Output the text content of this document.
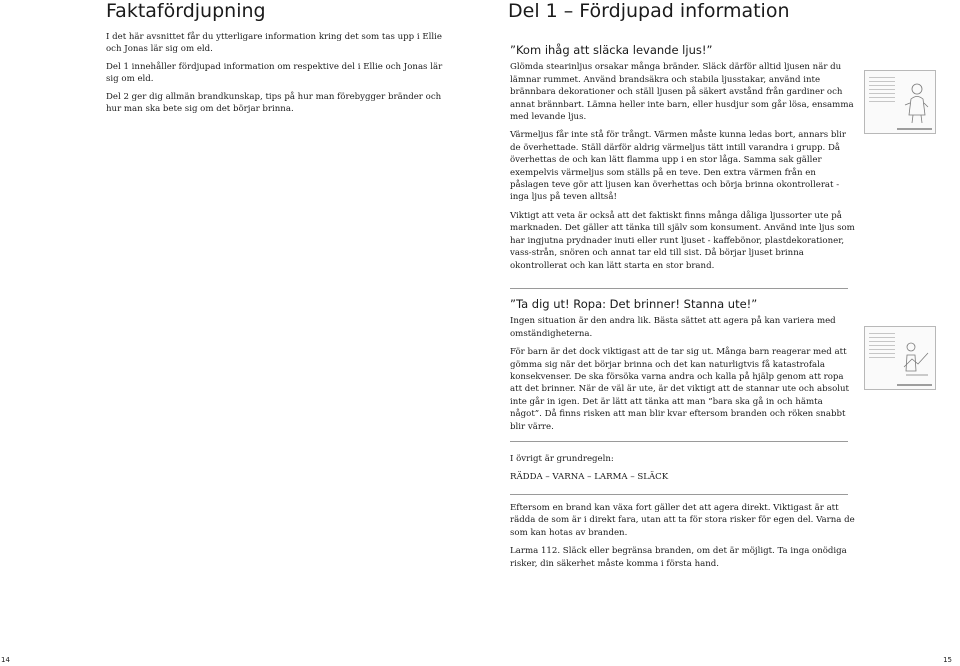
Faktafördjupning

I det här avsnittet får du ytterligare information kring det som tas upp i Ellie och Jonas lär sig om eld.

Del 1 innehåller fördjupad information om respektive del i Ellie och Jonas lär sig om eld.

Del 2 ger dig allmän brandkunskap, tips på hur man förebygger bränder och hur man ska bete sig om det börjar brinna.

14
Del 1 – Fördjupad information
”Kom ihåg att släcka levande ljus!”

Glömda stearinljus orsakar många bränder. Släck därför alltid ljusen när du lämnar rummet. Använd brandsäkra och stabila ljusstakar, använd inte brännbara dekorationer och ställ ljusen på säkert avstånd från gardiner och annat brännbart. Lämna heller inte barn, eller husdjur som går lösa, ensamma med levande ljus.

Värmeljus får inte stå för trångt. Värmen måste kunna ledas bort, annars blir de överhettade. Ställ därför aldrig värmeljus tätt intill varandra i grupp. Då överhettas de och kan lätt flamma upp i en stor låga. Samma sak gäller exempelvis värmeljus som ställs på en teve. Den extra värmen från en påslagen teve gör att ljusen kan överhettas och börja brinna okontrollerat - inga ljus på teven alltså!

Viktigt att veta är också att det faktiskt finns många dåliga ljussorter ute på marknaden. Det gäller att tänka till själv som konsument. Använd inte ljus som har ingjutna prydnader inuti eller runt ljuset - kaffebönor, plastdekorationer, vass-strån, snören och annat tar eld till sist. Då börjar ljuset brinna okontrollerat och kan lätt starta en stor brand.

”Ta dig ut! Ropa: Det brinner! Stanna ute!”

Ingen situation är den andra lik. Bästa sättet att agera på kan variera med omständigheterna.

För barn är det dock viktigast att de tar sig ut. Många barn reagerar med att gömma sig när det börjar brinna och det kan naturligtvis få katastrofala konsekvenser. De ska försöka varna andra och kalla på hjälp genom att ropa att det brinner. När de väl är ute, är det viktigt att de stannar ute och absolut inte går in igen. Det är lätt att tänka att man ”bara ska gå in och hämta något”. Då finns risken att man blir kvar eftersom branden och röken snabbt blir värre.

I övrigt är grundregeln:

RÄDDA – VARNA – LARMA – SLÄCK

Eftersom en brand kan växa fort gäller det att agera direkt. Viktigast är att rädda de som är i direkt fara, utan att ta för stora risker för egen del. Varna de som kan hotas av branden.

Larma 112. Släck eller begränsa branden, om det är möjligt. Ta inga onödiga risker, din säkerhet måste komma i första hand.

15
